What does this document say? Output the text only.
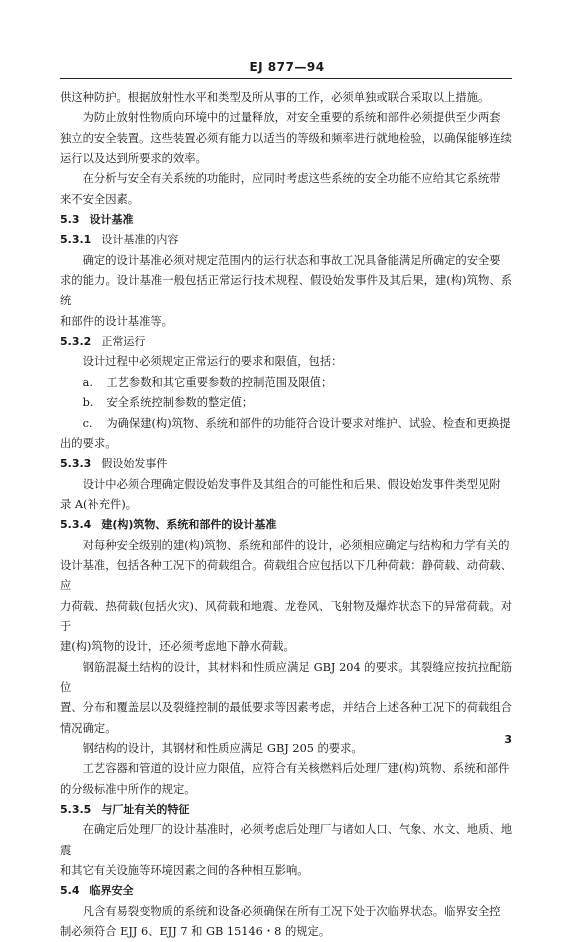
EJ 877—94

供这种防护。根据放射性水平和类型及所从事的工作，必须单独或联合采取以上措施。

为防止放射性物质向环境中的过量释放，对安全重要的系统和部件必须提供至少两套

独立的安全装置。这些装置必须有能力以适当的等级和频率进行就地检验，以确保能够连续

运行以及达到所要求的效率。

在分析与安全有关系统的功能时，应同时考虑这些系统的安全功能不应给其它系统带

来不安全因素。

5.3 设计基准

5.3.1 设计基准的内容

确定的设计基准必须对规定范围内的运行状态和事故工况具备能满足所确定的安全要

求的能力。设计基准一般包括正常运行技术规程、假设始发事件及其后果，建(构)筑物、系统

和部件的设计基准等。

5.3.2 正常运行

设计过程中必须规定正常运行的要求和限值，包括：

a. 工艺参数和其它重要参数的控制范围及限值；

b. 安全系统控制参数的整定值；

c. 为确保建(构)筑物、系统和部件的功能符合设计要求对维护、试验、检查和更换提

出的要求。

5.3.3 假设始发事件

设计中必须合理确定假设始发事件及其组合的可能性和后果、假设始发事件类型见附

录 A(补充件)。

5.3.4 建(构)筑物、系统和部件的设计基准

对每种安全级别的建(构)筑物、系统和部件的设计，必须相应确定与结构和力学有关的

设计基准，包括各种工况下的荷载组合。荷载组合应包括以下几种荷载：静荷载、动荷载、应

力荷载、热荷载(包括火灾)、风荷载和地震、龙卷风、飞射物及爆炸状态下的异常荷载。对于

建(构)筑物的设计，还必须考虑地下静水荷载。

钢筋混凝土结构的设计，其材料和性质应满足 GBJ 204 的要求。其裂缝应按抗拉配筋位

置、分布和覆盖层以及裂缝控制的最低要求等因素考虑，并结合上述各种工况下的荷载组合

情况确定。

钢结构的设计，其钢材和性质应满足 GBJ 205 的要求。

工艺容器和管道的设计应力限值，应符合有关核燃料后处理厂建(构)筑物、系统和部件

的分级标准中所作的规定。

5.3.5 与厂址有关的特征

在确定后处理厂的设计基准时，必须考虑后处理厂与诸如人口、气象、水文、地质、地震

和其它有关设施等环境因素之间的各种相互影响。

5.4 临界安全

凡含有易裂变物质的系统和设备必须确保在所有工况下处于次临界状态。临界安全控

制必须符合 EJJ 6、EJJ 7 和 GB 15146・8 的规定。

3
